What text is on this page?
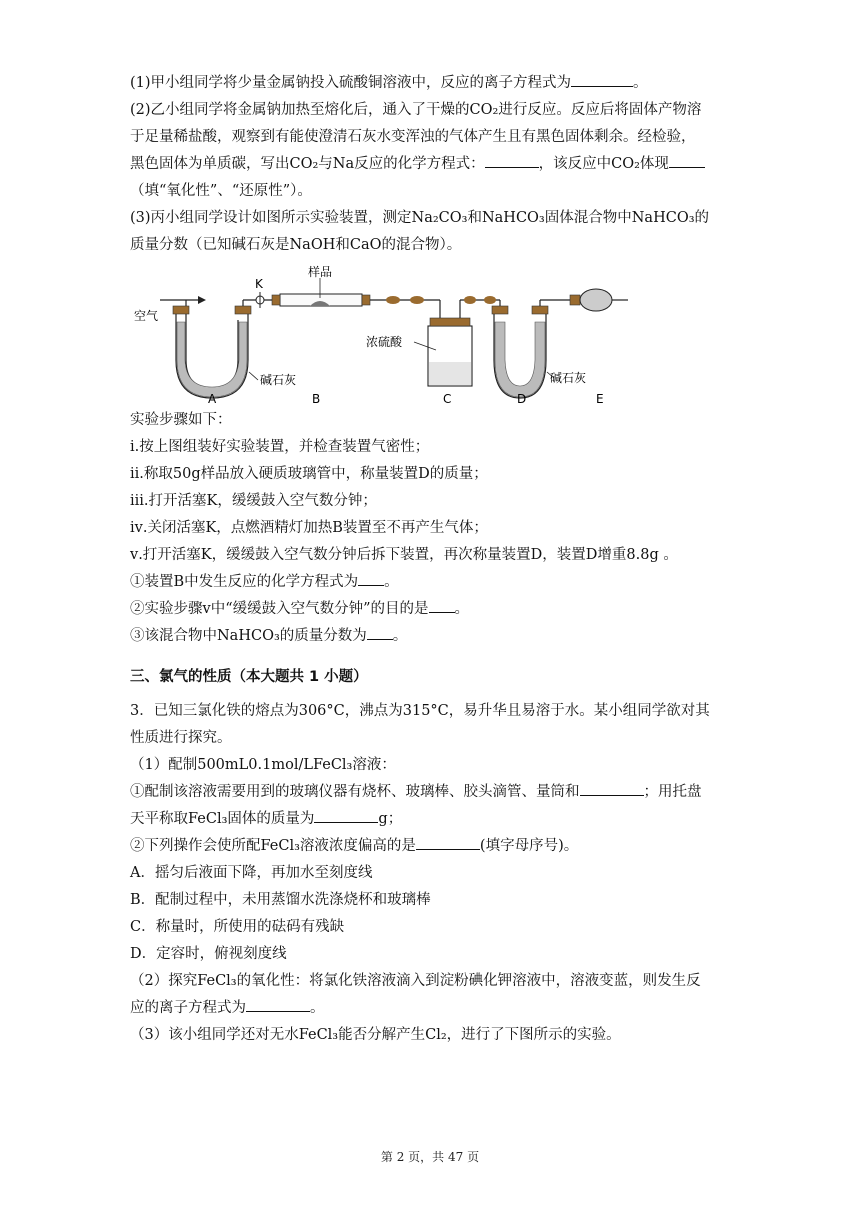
(1)甲小组同学将少量金属钠投入硫酸铜溶液中，反应的离子方程式为	。
(2)乙小组同学将金属钠加热至熔化后，通入了干燥的CO₂进行反应。反应后将固体产物溶
于足量稀盐酸，观察到有能使澄清石灰水变浑浊的气体产生且有黑色固体剩余。经检验，
黑色固体为单质碳，写出CO₂与Na反应的化学方程式：	，该反应中CO₂体现
（填“氧化性”、“还原性”）。
(3)丙小组同学设计如图所示实验装置，测定Na₂CO₃和NaHCO₃固体混合物中NaHCO₃的
质量分数（已知碱石灰是NaOH和CaO的混合物）。
空气
碱石灰
K
样品
浓硫酸
碱石灰
A	B	C	D	E
实验步骤如下：
ⅰ.按上图组装好实验装置，并检查装置气密性；
ⅱ.称取50g样品放入硬质玻璃管中，称量装置D的质量；
ⅲ.打开活塞K，缓缓鼓入空气数分钟；
ⅳ.关闭活塞K，点燃酒精灯加热B装置至不再产生气体；
ⅴ.打开活塞K，缓缓鼓入空气数分钟后拆下装置，再次称量装置D，装置D增重8.8g 。
①装置B中发生反应的化学方程式为 。
②实验步骤ⅴ中“缓缓鼓入空气数分钟”的目的是 。
③该混合物中NaHCO₃的质量分数为 。
三、氯气的性质（本大题共 1 小题）
3．已知三氯化铁的熔点为306°C，沸点为315°C，易升华且易溶于水。某小组同学欲对其
性质进行探究。
（1）配制500mL0.1mol/LFeCl₃溶液：
①配制该溶液需要用到的玻璃仪器有烧杯、玻璃棒、胶头滴管、量筒和	；用托盘
天平称取FeCl₃固体的质量为	g；
②下列操作会使所配FeCl₃溶液浓度偏高的是	(填字母序号)。
A．摇匀后液面下降，再加水至刻度线
B．配制过程中，未用蒸馏水洗涤烧杯和玻璃棒
C．称量时，所使用的砝码有残缺
D．定容时，俯视刻度线
（2）探究FeCl₃的氧化性：将氯化铁溶液滴入到淀粉碘化钾溶液中，溶液变蓝，则发生反
应的离子方程式为	。
（3）该小组同学还对无水FeCl₃能否分解产生Cl₂，进行了下图所示的实验。
第 2 页，共 47 页
